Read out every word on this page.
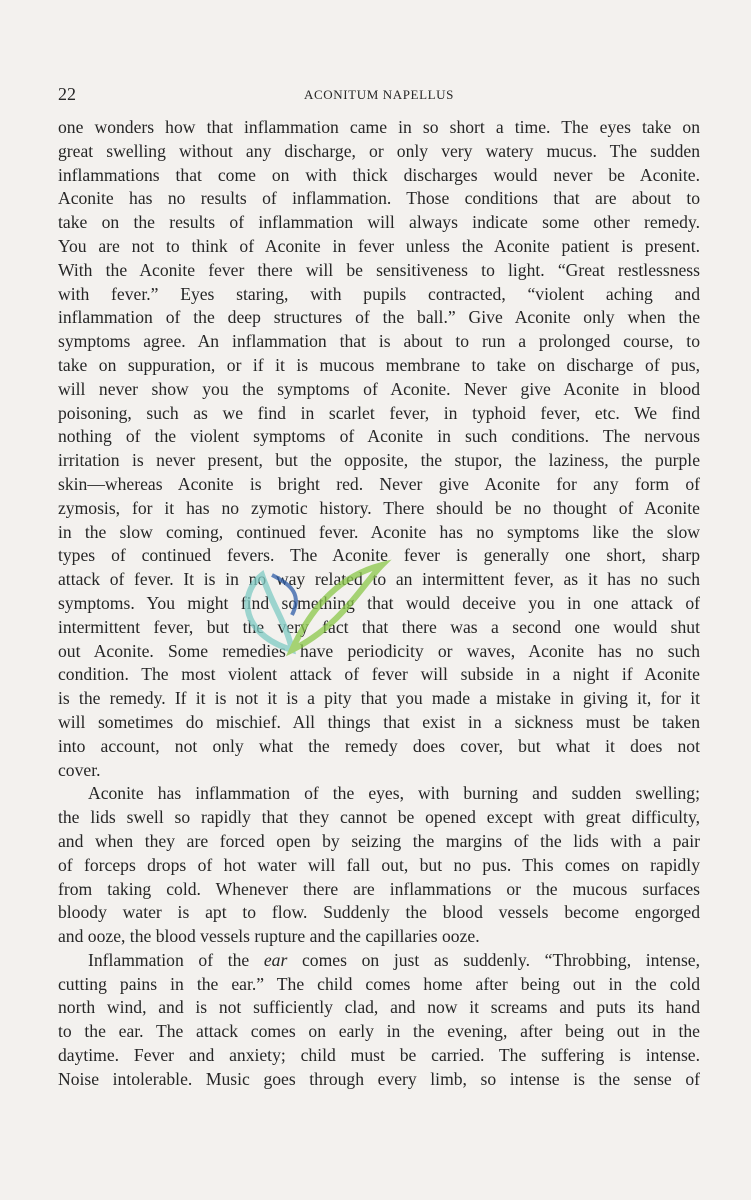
22	ACONITUM NAPELLUS
one wonders how that inflammation came in so short a time. The eyes take on
great swelling without any discharge, or only very watery mucus. The sudden
inflammations that come on with thick discharges would never be Aconite.
Aconite has no results of inflammation. Those conditions that are about to
take on the results of inflammation will always indicate some other remedy.
You are not to think of Aconite in fever unless the Aconite patient is present.
With the Aconite fever there will be sensitiveness to light. “Great restlessness
with fever.” Eyes staring, with pupils contracted, “violent aching and
inflammation of the deep structures of the ball.” Give Aconite only when the
symptoms agree. An inflammation that is about to run a prolonged course, to
take on suppuration, or if it is mucous membrane to take on discharge of pus,
will never show you the symptoms of Aconite. Never give Aconite in blood
poisoning, such as we find in scarlet fever, in typhoid fever, etc. We find
nothing of the violent symptoms of Aconite in such conditions. The nervous
irritation is never present, but the opposite, the stupor, the laziness, the purple
skin—whereas Aconite is bright red. Never give Aconite for any form of
zymosis, for it has no zymotic history. There should be no thought of Aconite
in the slow coming, continued fever. Aconite has no symptoms like the slow
types of continued fevers. The Aconite fever is generally one short, sharp
attack of fever. It is in no way related to an intermittent fever, as it has no such
symptoms. You might find something that would deceive you in one attack of
intermittent fever, but the very fact that there was a second one would shut
out Aconite. Some remedies have periodicity or waves, Aconite has no such
condition. The most violent attack of fever will subside in a night if Aconite
is the remedy. If it is not it is a pity that you made a mistake in giving it, for it
will sometimes do mischief. All things that exist in a sickness must be taken
into account, not only what the remedy does cover, but what it does not
cover.
Aconite has inflammation of the eyes, with burning and sudden swelling;
the lids swell so rapidly that they cannot be opened except with great difficulty,
and when they are forced open by seizing the margins of the lids with a pair
of forceps drops of hot water will fall out, but no pus. This comes on rapidly
from taking cold. Whenever there are inflammations or the mucous surfaces
bloody water is apt to flow. Suddenly the blood vessels become engorged
and ooze, the blood vessels rupture and the capillaries ooze.
Inflammation of the ear comes on just as suddenly. “Throbbing, intense,
cutting pains in the ear.” The child comes home after being out in the cold
north wind, and is not sufficiently clad, and now it screams and puts its hand
to the ear. The attack comes on early in the evening, after being out in the
daytime. Fever and anxiety; child must be carried. The suffering is intense.
Noise intolerable. Music goes through every limb, so intense is the sense of
